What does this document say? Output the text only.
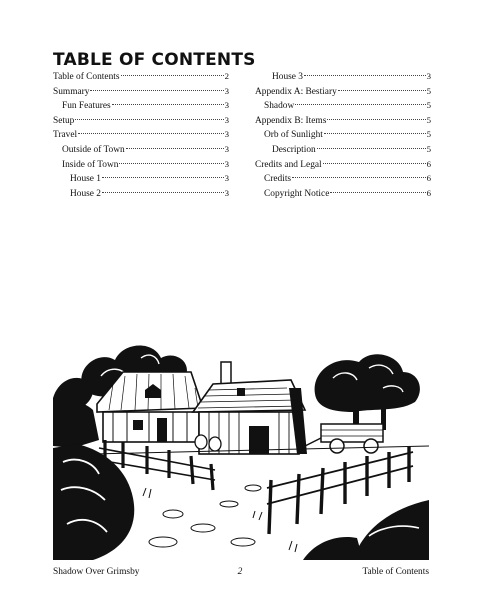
TABLE OF CONTENTS
Table of Contents	2
Summary	3
Fun Features	3
Setup	3
Travel	3
Outside of Town	3
Inside of Town	3
House 1	3
House 2	3
House 3	3
Appendix A: Bestiary	5
Shadow	5
Appendix B: Items	5
Orb of Sunlight	5
Description	5
Credits and Legal	6
Credits	6
Copyright Notice	6
Shadow Over Grimsby	2	Table of Contents
